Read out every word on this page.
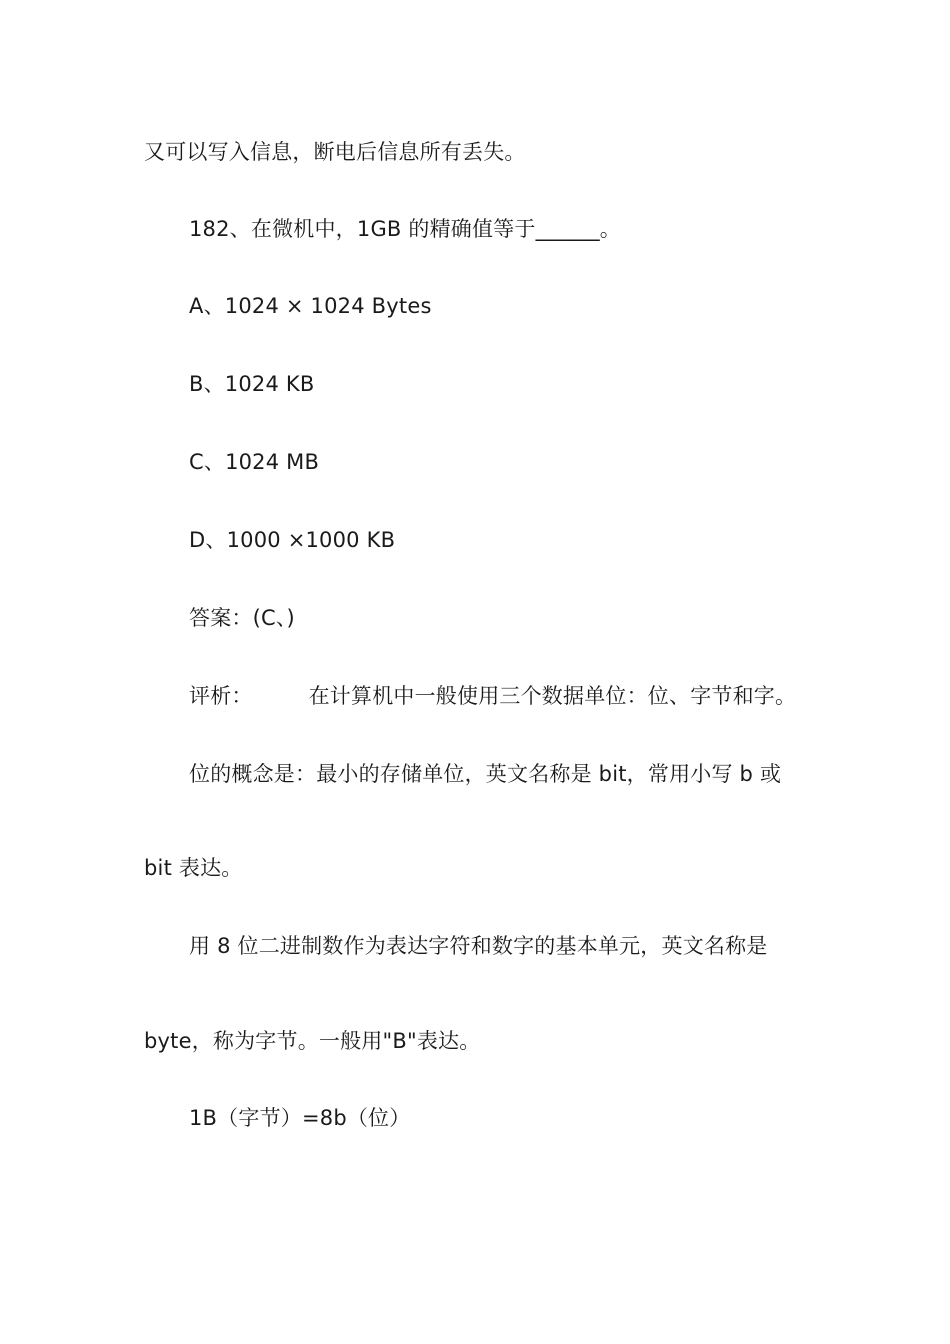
又可以写入信息，断电后信息所有丢失。
182、在微机中，1GB 的精确值等于______。
A、1024 × 1024 Bytes
B、1024 KB
C、1024 MB
D、1000 ×1000 KB
答案：(C、)
评析：	在计算机中一般使用三个数据单位：位、字节和字。
位的概念是：最小的存储单位，英文名称是 bit，常用小写 b 或
bit 表达。
用 8 位二进制数作为表达字符和数字的基本单元，英文名称是
byte，称为字节。一般用"B"表达。
1B（字节）=8b（位）
